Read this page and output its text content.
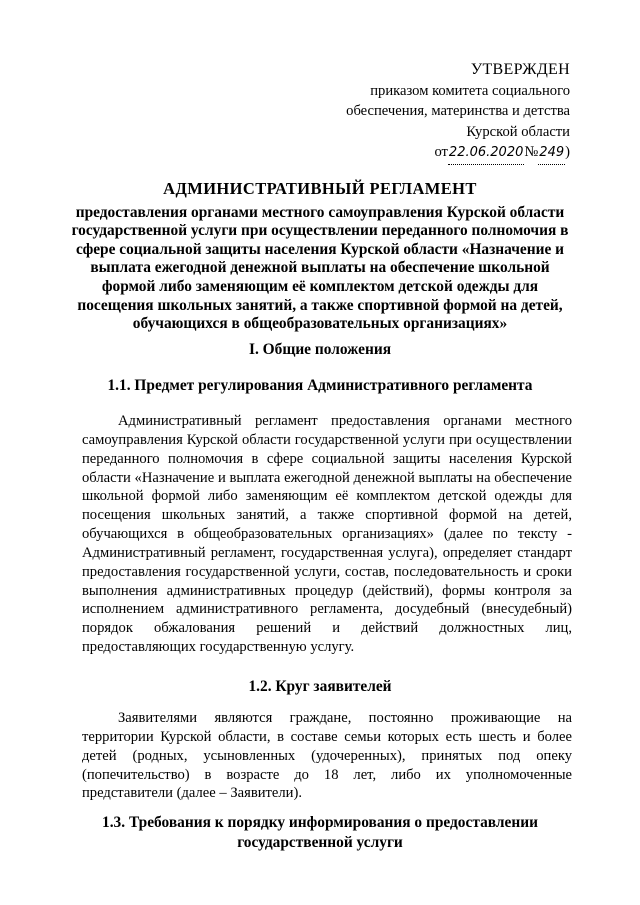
УТВЕРЖДЕН
приказом комитета социального
обеспечения, материнства и детства
Курской области
от 22.06.2020 № 249 )
АДМИНИСТРАТИВНЫЙ РЕГЛАМЕНТ
предоставления органами местного самоуправления Курской области государственной услуги при осуществлении переданного полномочия в сфере социальной защиты населения Курской области «Назначение и выплата ежегодной денежной выплаты на обеспечение школьной формой либо заменяющим её комплектом детской одежды для посещения школьных занятий, а также спортивной формой на детей, обучающихся в общеобразовательных организациях»
I. Общие положения
1.1. Предмет регулирования Административного регламента
Административный регламент предоставления органами местного самоуправления Курской области государственной услуги при осуществлении переданного полномочия в сфере социальной защиты населения Курской области «Назначение и выплата ежегодной денежной выплаты на обеспечение школьной формой либо заменяющим её комплектом детской одежды для посещения школьных занятий, а также спортивной формой на детей, обучающихся в общеобразовательных организациях» (далее по тексту - Административный регламент, государственная услуга), определяет стандарт предоставления государственной услуги, состав, последовательность и сроки выполнения административных процедур (действий), формы контроля за исполнением административного регламента, досудебный (внесудебный) порядок обжалования решений и действий должностных лиц, предоставляющих государственную услугу.
1.2. Круг заявителей
Заявителями являются граждане, постоянно проживающие на территории Курской области, в составе семьи которых есть шесть и более детей (родных, усыновленных (удочеренных), принятых под опеку (попечительство) в возрасте до 18 лет, либо их уполномоченные представители (далее – Заявители).
1.3. Требования к порядку информирования о предоставлении
государственной услуги
